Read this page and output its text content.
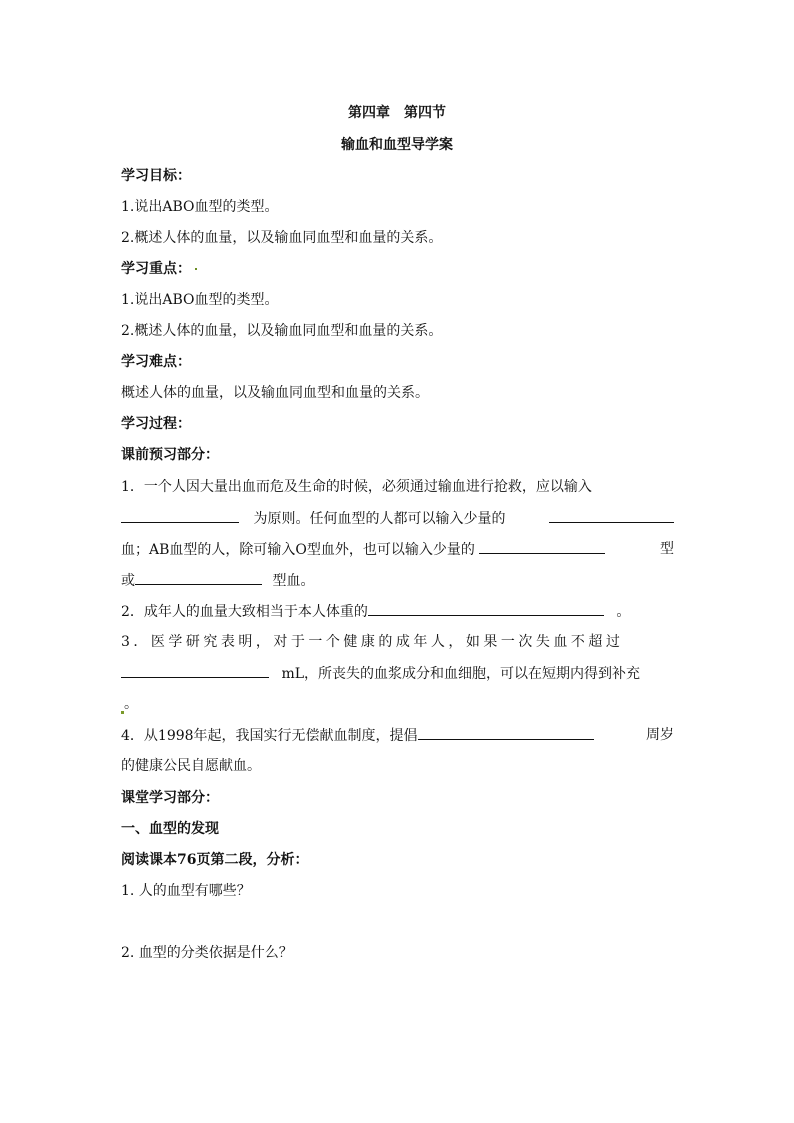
第四章　第四节
输血和血型导学案
学习目标：
1.说出ABO血型的类型。
2.概述人体的血量，以及输血同血型和血量的关系。
学习重点：
1.说出ABO血型的类型。
2.概述人体的血量，以及输血同血型和血量的关系。
学习难点：
概述人体的血量，以及输血同血型和血量的关系。
学习过程：
课前预习部分：
1．一个人因大量出血而危及生命的时候，必须通过输血进行抢救，应以输入
为原则。任何血型的人都可以输入少量的
血；AB血型的人，除可输入O型血外，也可以输入少量的	型
或	型血。
2．成年人的血量大致相当于本人体重的	。
3．医学研究表明，对于一个健康的成年人，如果一次失血不超过
mL，所丧失的血浆成分和血细胞，可以在短期内得到补充
。
4．从1998年起，我国实行无偿献血制度，提倡	周岁
的健康公民自愿献血。
课堂学习部分：
一、血型的发现
阅读课本76页第二段，分析：
1. 人的血型有哪些？
2. 血型的分类依据是什么？
